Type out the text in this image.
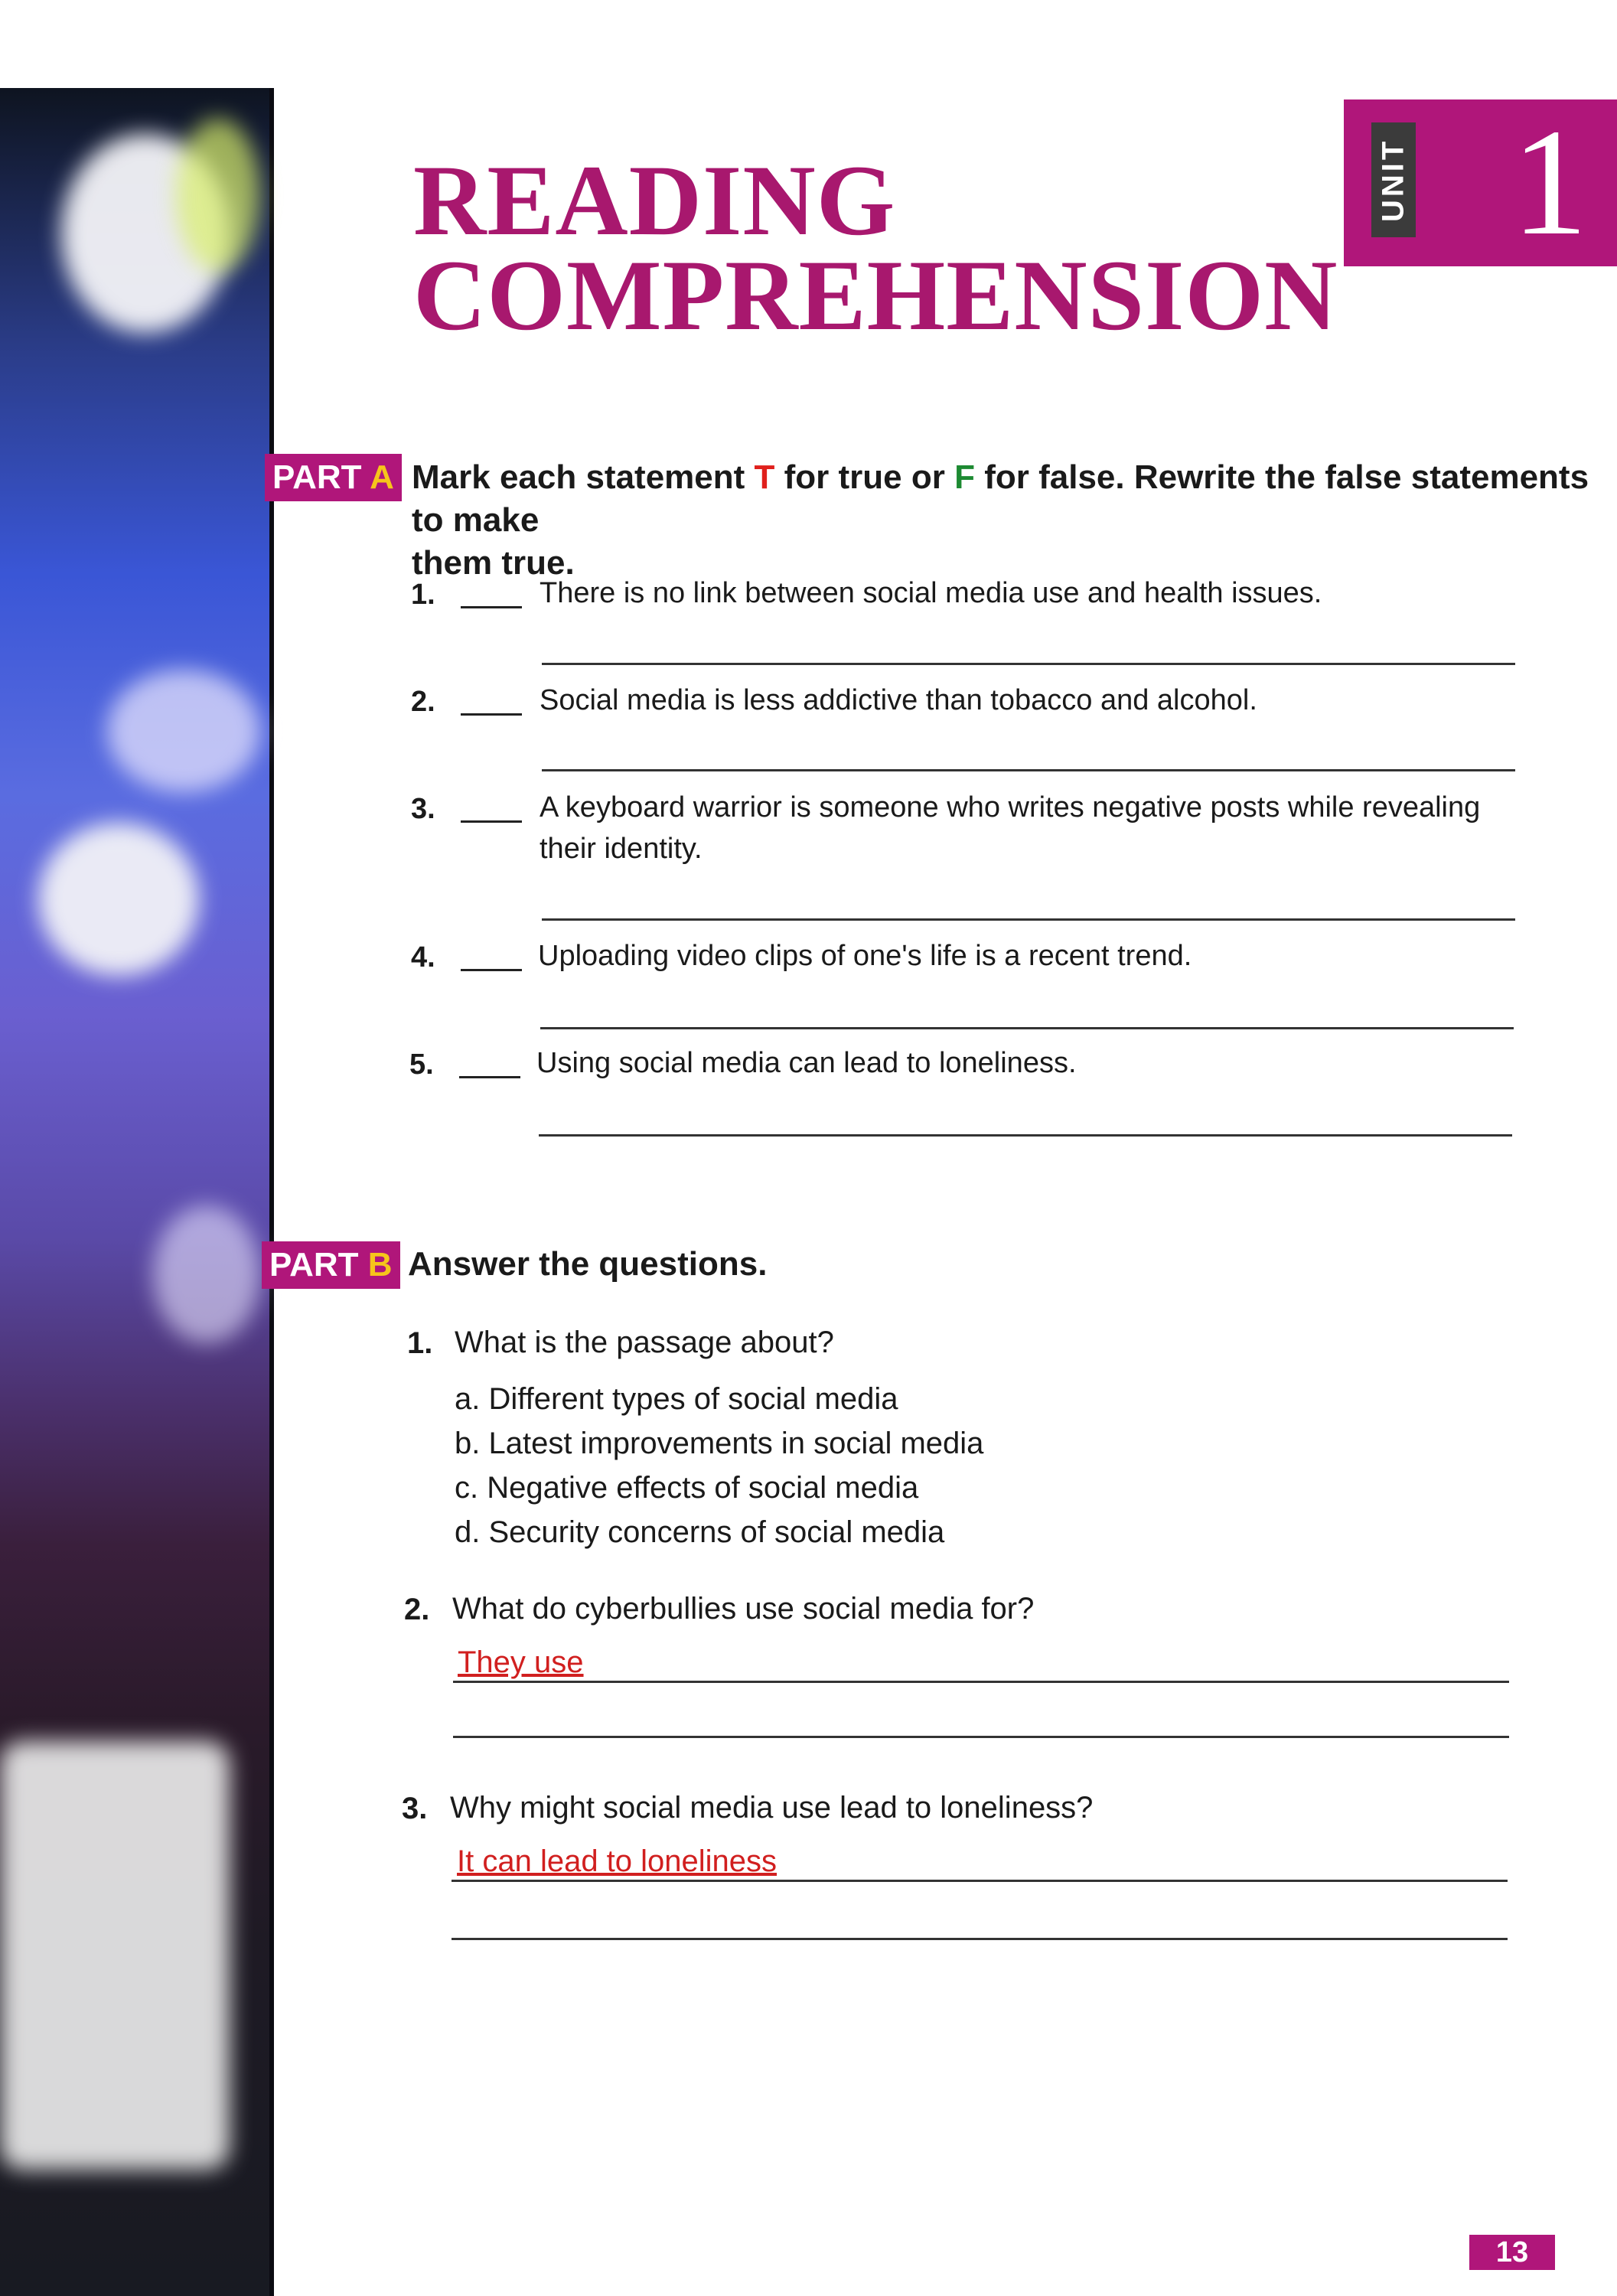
READING
COMPREHENSION
UNIT 1
PART A Mark each statement T for true or F for false. Rewrite the false statements to make
them true.

1.	There is no link between social media use and health issues.

2.	Social media is less addictive than tobacco and alcohol.

3.	A keyboard warrior is someone who writes negative posts while revealing
their identity.

4.	Uploading video clips of one's life is a recent trend.

5.	Using social media can lead to loneliness.

PART B Answer the questions.

1. What is the passage about?

a. Different types of social media

b. Latest improvements in social media

c. Negative effects of social media

d. Security concerns of social media

2. What do cyberbullies use social media for?

They use
3. Why might social media use lead to loneliness?

It can lead to loneliness
13
